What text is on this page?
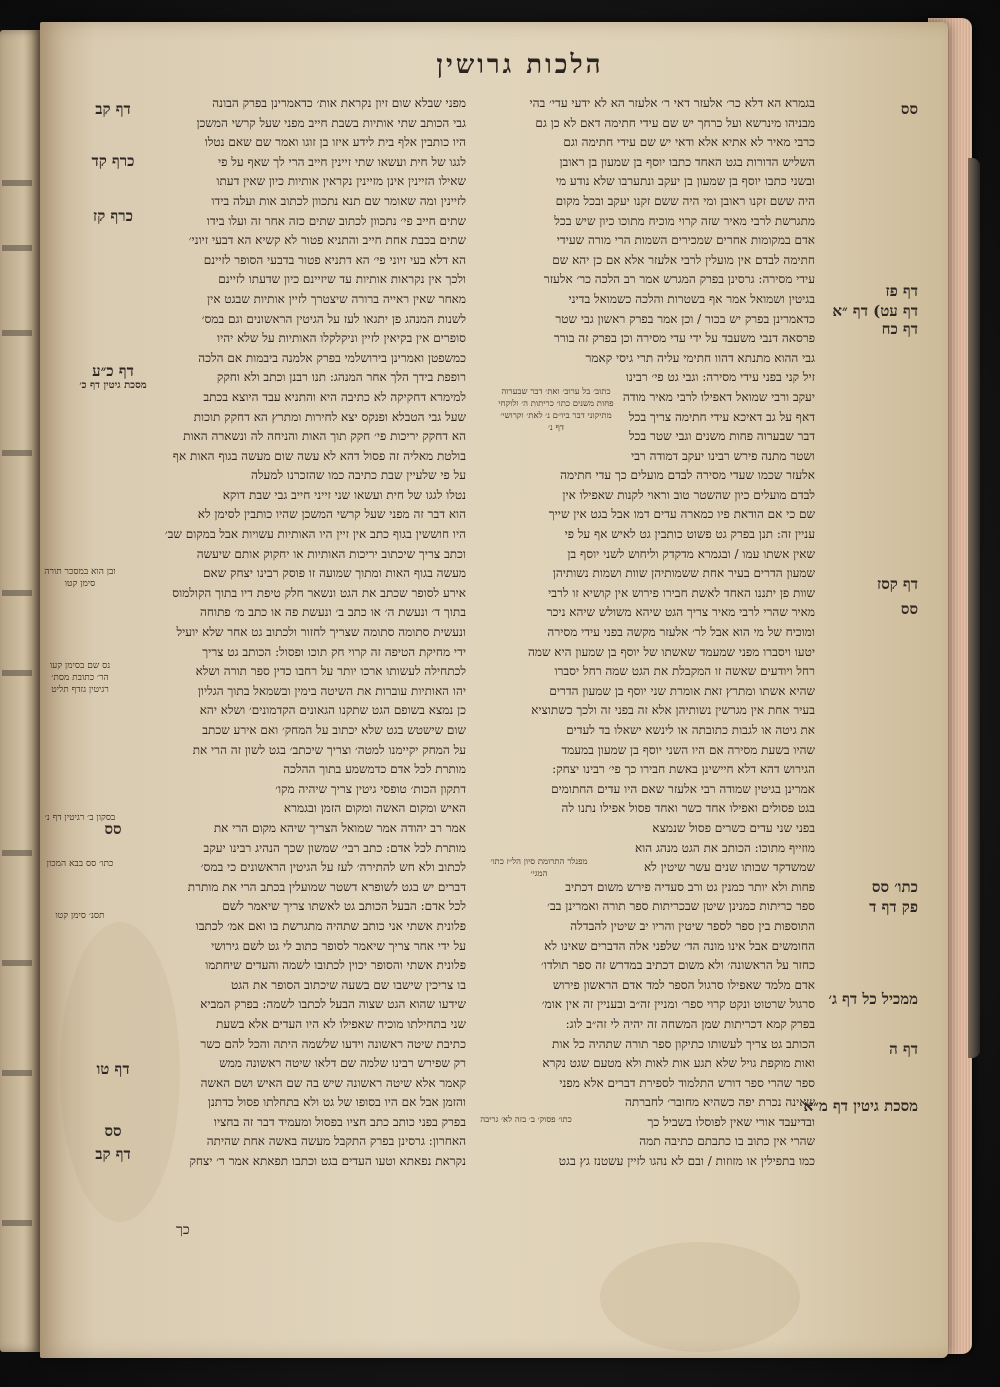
הלכות גרושין
בגמרא הא דלא כר׳ אלעזר דאי ר׳ אלעזר הא לא ידעי עדי׳ בהי
מבניהו מינרשא ועל כרחך יש שם עידי חתימה דאם לא כן גם
כרבי מאיר לא אתיא אלא ודאי יש שם עידי חתימה וגם
השליש הדורות בגט האחד כתבו יוסף בן שמעון בן ראובן
ובשני כתבו יוסף בן שמעון בן יעקב ונתערבו שלא נודע מי
היה ששם זקנו ראובן ומי היה ששם זקנו יעקב ובכל מקום
מתגרשת לרבי מאיר שזה קרוי מוכיח מתוכו כיון שיש בכל
אדם במקומות אחרים שמכירים השמות הרי מורה שעידי
חתימה לבדם אין מועלין לרבי אלעזר אלא אם כן יהא שם
עידי מסירה: גרסינן בפרק המגרש אמר רב הלכה כר׳ אלעזר
בגיטין ושמואל אמר אף בשטרות והלכה כשמואל בדיני
כדאמרינן בפרק יש בכור / וכן אמר בפרק ראשון גבי שטר
פרסאה דנבי משעבד על ידי עדי מסירה וכן בפרק זה בורר
גבי ההוא מתנתא דהוו חתימי עליה תרי גיסי קאמר
זיל קני בפני עידי מסירה: וגבי גט פי׳ רבינו
יעקב ורבי שמואל דאפילו לרבי מאיר מודה
דאף על גב דאיכא עידי חתימה צריך בכל
דבר שבערוה פחות משנים וגבי שטר בכל
ושטר מתנה פירש רבינו יעקב דמודה רבי
אלעזר שכמו שעדי מסירה לבדם מועלים כך עדי חתימה
לבדם מועלים כיון שהשטר טוב וראוי לקנות שאפילו אין
שם כי אם הודאת פיו כמארה עדים דמו אבל בגט אין שייך
עניין זה: תנן בפרק גט פשוט כותבין גט לאיש אף על פי
שאין אשתו עמו / ובגמרא מדקדק וליחוש לשני יוסף בן
שמעון הדרים בעיר אחת ששמותיהן שוות ושמות נשותיהן
שוות פן יתננו האחד לאשת חבירו פירוש אין קושיא זו לרבי
מאיר שהרי לרבי מאיר צריך הגט שיהא משולש שיהא ניכר
ומוכיח של מי הוא אבל לר׳ אלעזר מקשה בפני עידי מסירה
יטעו ויסברו מפני שמעמד שאשתו של יוסף בן שמעון היא שמה
רחל ויודעים שאשה זו המקבלת את הגט שמה רחל יסברו
שהיא אשתו ומתרץ זאת אומרת שני יוסף בן שמעון הדרים
בעיר אחת אין מגרשין נשותיהן אלא זה בפני זה ולכך כשתוציא
את גיטה או לגבות כתובתה או לינשא ישאלו בד לעדים
שהיו בשעת מסירה אם היו השני יוסף בן שמעון במעמד
הגירוש דהא דלא חיישינן באשת חבירו כך פי׳ רבינו יצחק:
אמרינן בגיטין שמודה רבי אלעזר שאם היו עדים החתומים
בגט פסולים ואפילו אחד כשר ואחד פסול אפילו נתנו לה
בפני שני עדים כשרים פסול שנמצא
מוזייף מתוכו: הכותב את הגט מנהג הוא
שמשדקד שבותו שנים עשר שיטין לא
פחות ולא יותר כמנין גט ורב סעדיה פירש משום דכתיב
ספר כריתות כמנינן שיטן שבכריתות ספר תורה ואמרינן בב׳
התוספות בין ספר לספר שיטין והריו יב שיטין להבדלה
החומשים אבל אינו מונה הד׳ שלפני אלה הדברים שאינו לא
כחזר על הראשונה׳ ולא משום דכתיב במדרש זה ספר תולדו׳
אדם מלמד שאפילו סרגול הספר למד אדם הראשון פירוש
סרגול שרטוט ונקט קרוי ספר׳ ומניין זה״ב ובעניין זה אין אומ׳
בפרק קמא דכריתות שמן המשחה זה יהיה לי זה״ב לוג:
הכותב גט צריך לעשותו כתיקון ספר תורה שתהיה כל אות
ואות מוקפת גויל שלא תגע אות לאות ולא מטעם שגט נקרא
ספר שהרי ספר דורש התלמוד לספירת דברים אלא מפני
שאינה נכרת יפה כשהיא מחובר׳ לחברתה
ובדיעבד אורי שאין לפוסלו בשביל כך
שהרי אין כתוב בו כתבתם כתיבה תמה
כמו בתפילין או מזוזות / ובם לא נהגו לזיין עשטנז גץ בגט
מפני שבלא שום זיון נקראת אות׳ כדאמרינן בפרק הבונה
גבי הכותב שתי אותיות בשבת חייב מפני שעל קרשי המשכן
היו כותבין אלף בית לידע איזו בן זוגו ואמר שם שאם נטלו
לגגו של חית ועשאו שתי זיינין חייב הרי לך שאף על פי
שאילו הזיינין אינן מזיינין נקראין אותיות כיון שאין דעתו
לזיינין ומה שאומר שם תנא נתכוון לכתוב אות ועלה בידו
שתים חייב פי׳ נתכוון לכתוב שתים כזה אחר זה ועלו בידו
שתים בכבת אחת חייב והתניא פטור לא קשיא הא דבעי זיוני׳
הא דלא בעי זיוני פי׳ הא דתניא פטור בדבעי הסופר לזיינם
ולכך אין נקראות אותיות עד שיזיינם כיון שדעתו לזיינם
מאחר שאין ראייה ברורה שיצטרך לזיין אותיות שבגט אין
לשנות המנהג פן יתגאו לעז על הגיטין הראשונים וגם במס׳
סופרים אין בקיאין לזיין וניקלקלו האותיות על שלא יהיו
כמשפטן ואמרינן בירושלמי בפרק אלמנה ביבמות אם הלכה
רופפת בידך הלך אחר המנהג: תנו רבנן וכתב ולא וחקק
למימרא דחקיקה לא כתיבה היא והתניא עבד היוצא בכתב
שעל גבי הטבלא ופנקס יצא לחירות ומתרץ הא דחקק תוכות
הא דחקק יריכות פי׳ חקק תוך האות והניחה לה ונשארה האות
בולטת מאליה זה פסול דהא לא עשה שום מעשה בגוף האות אף
על פי שלעיין שבת כתיבה כמו שהזכרנו למעלה
נטלו לגגו של חית ועשאו שני זייני חייב גבי שבת דוקא
הוא דבר זה מפני שעל קרשי המשכן שהיו כותבין לסימן לא
היו חוששין בגוף כתב אין זיין היו האותיות עשויות אבל במקום שב׳
וכתב צריך שיכתוב יריכות האותיות או יחקוק אותם שיעשה
מעשה בגוף האות ומתוך שמועה זו פוסק רבינו יצחק שאם
אירע לסופר שכתב את הגט ונשאר חלק טיפת דיו בתוך הקולמוס
בתוך ד׳ ונעשת ה׳ או כתב ב׳ ונעשת פה או כתב מ׳ פתוחה
ונעשית סתומה סתומה שצריך לחזור ולכתוב גט אחר שלא יועיל
ידי מחיקת הטיפה זה קרוי חק תוכו ופסול: הכותב גט צריך
לכתחילה לעשותו ארכו יותר על רחבו כדין ספר תורה ושלא
יהו האותיות עוברות את השיטה בימין ובשמאל בתוך הגליון
כן נמצא בשופם הגט שתקנו הגאונים הקדמונים׳ ושלא יהא
שום שישטש בגט שלא יכתוב על המחק׳ ואם אירע שכתב
על המחק יקיימנו למטה׳ וצריך שיכתב׳ בגט לשון זה הרי את
מותרת לכל אדם כדמשמע בתוך ההלכה
דתקון הכות׳ טופסי גיטין צריך שיהיה מקו׳
האיש ומקום האשה ומקום הזמן ובגמרא
אמר רב יהודה אמר שמואל הצריך שיהא מקום הרי את
מותרת לכל אדם: כתב רבי׳ שמשון שכך הנהיג רבינו יעקב
לכתוב ולא חש להתירה׳ לעז על הגיטין הראשונים כי במס׳
דברים יש בגט לשופרא דשטר שמועלין בכתב הרי את מותרת
לכל אדם: הבעל הכותב גט לאשתו צריך שיאמר לשם
פלונית אשתי אני כותב שתהיה מתגרשת בו ואם אמ׳ לכתבו
על ידי אחר צריך שיאמר לסופר כתוב לי גט לשם גירושי
פלונית אשתי והסופר יכוין לכתובו לשמה והעדים שיחתמו
בו צריכין שישבו שם בשעה שיכתוב הסופר את הגט
שידעו שהוא הגט שצוה הבעל לכתבו לשמה: בפרק המביא
שני בתחילתו מוכיח שאפילו לא היו העדים אלא בשעת
כתיבת שיטה ראשונה וידעו שלשמה היתה והכל להם כשר
רק שפירש רבינו שלמה שם דלאו שיטה ראשונה ממש
קאמר אלא שיטה ראשונה שיש בה שם האיש ושם האשה
והזמן אבל אם היו בסופו של גט ולא בתחלתו פסול כדתנן
בפרק בפני כותב כתב חציו בפסול ומעמיד דבר זה בחציו
האחרון: גרסינן בפרק התקבל מעשה באשה אחת שהיתה
נקראת נפאתא וטעו העדים בגט וכתבו תפאתא אמר ר׳ יצחק
כתוב׳ בל ערוב׳ ואת׳ דבר שבערוה פחות משנים כתו׳ כריתות ה׳ ולוקחי מתיקוני דבר ביו״ם נ׳ לאת׳ וקרושי׳ דף נ׳
מפנלר התרומת סיון הל״ז כתו׳ המגי׳
כתו׳ פסוק׳ ב׳ בזה לא׳ גריבה
סס
דף פז
דף עט) דף ״א
דף כח
דף קסז
סס
כתו׳ סס
פק דף ד
ממכיל כל דף ג׳
דף ה
מסכת גיטין דף מ״א
דף קב
כרף קד
כרף קז
דף כ״ע
מסכת גיטין דף כ׳
סס
דף טו
סס
דף קב
ובן הוא במסכר תורה סימן קטו
נס שם בסימן קעו הר׳ כתובת מסת׳ רגיטין גזדף תליט
כתו׳ סס בבא המכון
תסנ׳ סימן קטו
בסקון ב׳ רגיטין דף נ׳
כך
